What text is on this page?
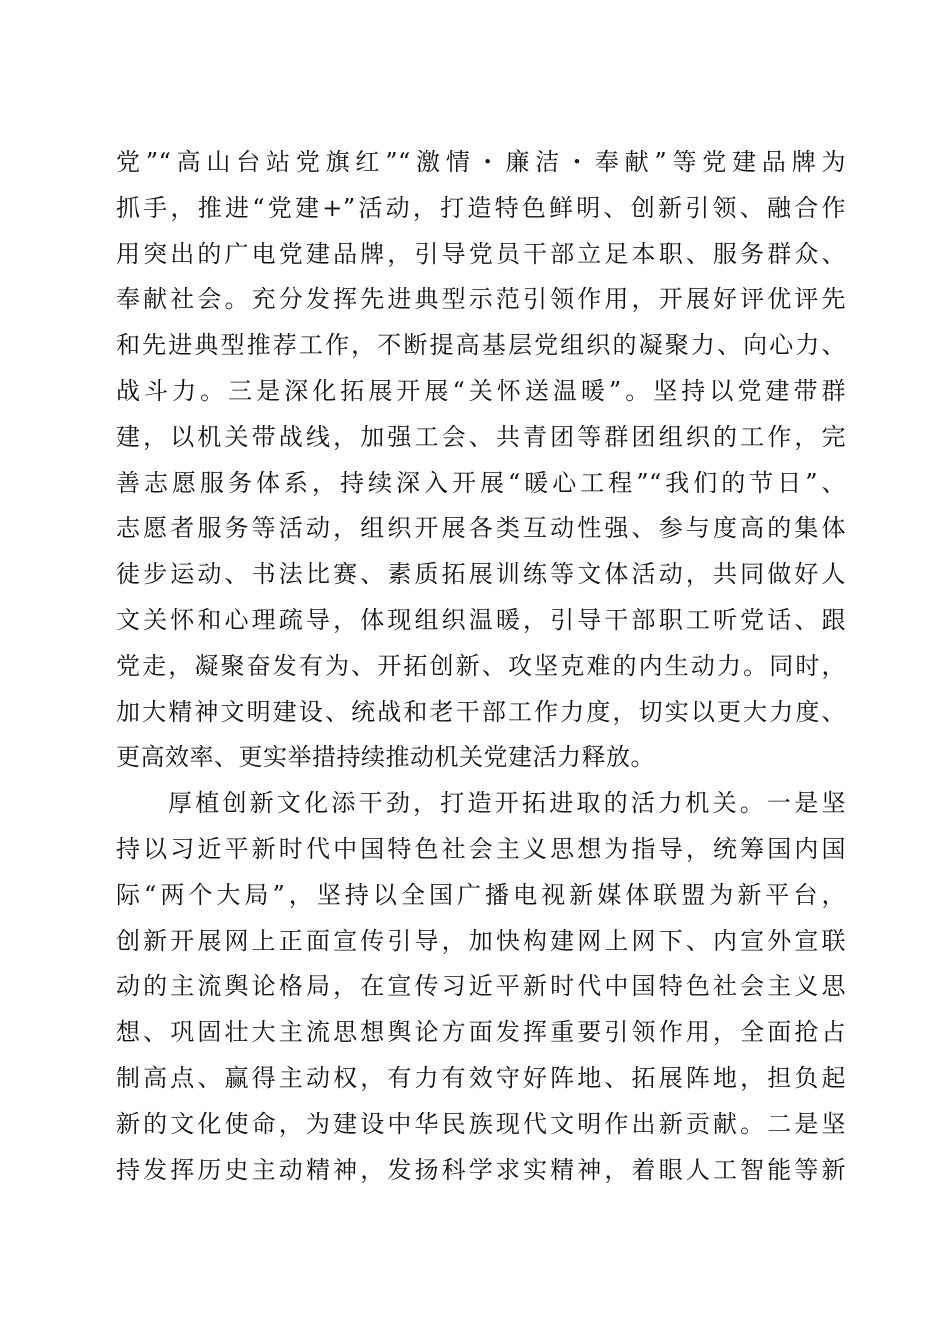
党”“高山台站党旗红”“激情・廉洁・奉献”等党建品牌为
抓手，推进“党建+”活动，打造特色鲜明、创新引领、融合作
用突出的广电党建品牌，引导党员干部立足本职、服务群众、
奉献社会。充分发挥先进典型示范引领作用，开展好评优评先
和先进典型推荐工作，不断提高基层党组织的凝聚力、向心力、
战斗力。三是深化拓展开展“关怀送温暖”。坚持以党建带群
建，以机关带战线，加强工会、共青团等群团组织的工作，完
善志愿服务体系，持续深入开展“暖心工程”“我们的节日”、
志愿者服务等活动，组织开展各类互动性强、参与度高的集体
徒步运动、书法比赛、素质拓展训练等文体活动，共同做好人
文关怀和心理疏导，体现组织温暖，引导干部职工听党话、跟
党走，凝聚奋发有为、开拓创新、攻坚克难的内生动力。同时，
加大精神文明建设、统战和老干部工作力度，切实以更大力度、
更高效率、更实举措持续推动机关党建活力释放。
厚植创新文化添干劲，打造开拓进取的活力机关。一是坚
持以习近平新时代中国特色社会主义思想为指导，统筹国内国
际“两个大局”，坚持以全国广播电视新媒体联盟为新平台，
创新开展网上正面宣传引导，加快构建网上网下、内宣外宣联
动的主流舆论格局，在宣传习近平新时代中国特色社会主义思
想、巩固壮大主流思想舆论方面发挥重要引领作用，全面抢占
制高点、赢得主动权，有力有效守好阵地、拓展阵地，担负起
新的文化使命，为建设中华民族现代文明作出新贡献。二是坚
持发挥历史主动精神，发扬科学求实精神，着眼人工智能等新
